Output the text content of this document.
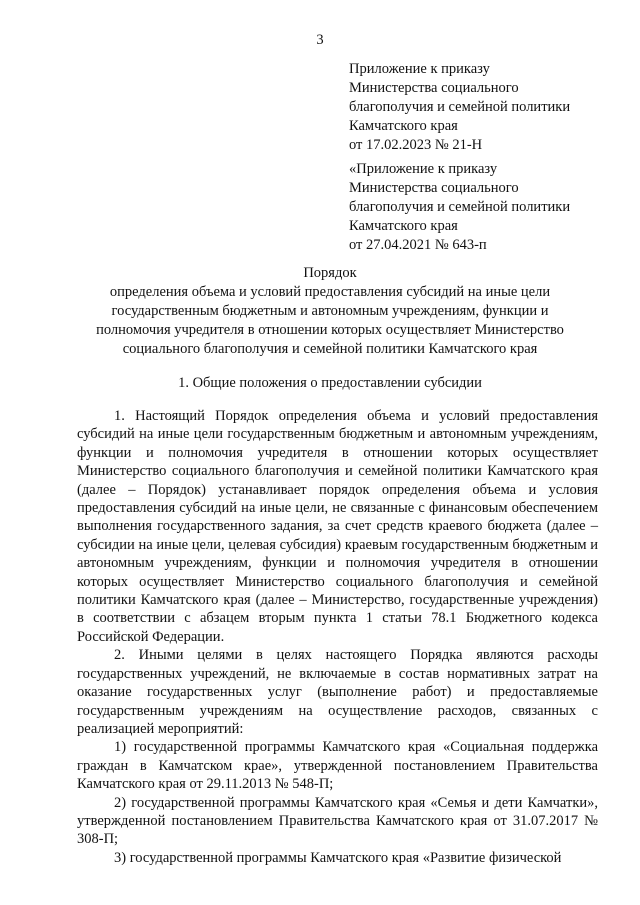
3
Приложение к приказу
Министерства социального
благополучия и семейной политики
Камчатского края
от 17.02.2023 № 21-Н
«Приложение к приказу
Министерства социального
благополучия и семейной политики
Камчатского края
от 27.04.2021 № 643-п
Порядок
определения объема и условий предоставления субсидий на иные цели
государственным бюджетным и автономным учреждениям, функции и
полномочия учредителя в отношении которых осуществляет Министерство
социального благополучия и семейной политики Камчатского края
1. Общие положения о предоставлении субсидии

1. Настоящий Порядок определения объема и условий предоставления субсидий на иные цели государственным бюджетным и автономным учреждениям, функции и полномочия учредителя в отношении которых осуществляет Министерство социального благополучия и семейной политики Камчатского края (далее – Порядок) устанавливает порядок определения объема и условия предоставления субсидий на иные цели, не связанные с финансовым обеспечением выполнения государственного задания, за счет средств краевого бюджета (далее – субсидии на иные цели, целевая субсидия) краевым государственным бюджетным и автономным учреждениям, функции и полномочия учредителя в отношении которых осуществляет Министерство социального благополучия и семейной политики Камчатского края (далее – Министерство, государственные учреждения) в соответствии с абзацем вторым пункта 1 статьи 78.1 Бюджетного кодекса Российской Федерации.

2. Иными целями в целях настоящего Порядка являются расходы государственных учреждений, не включаемые в состав нормативных затрат на оказание государственных услуг (выполнение работ) и предоставляемые государственным учреждениям на осуществление расходов, связанных с реализацией мероприятий:

1) государственной программы Камчатского края «Социальная поддержка граждан в Камчатском крае», утвержденной постановлением Правительства Камчатского края от 29.11.2013 № 548-П;

2) государственной программы Камчатского края «Семья и дети Камчатки», утвержденной постановлением Правительства Камчатского края от 31.07.2017 № 308-П;

3) государственной программы Камчатского края «Развитие физической
